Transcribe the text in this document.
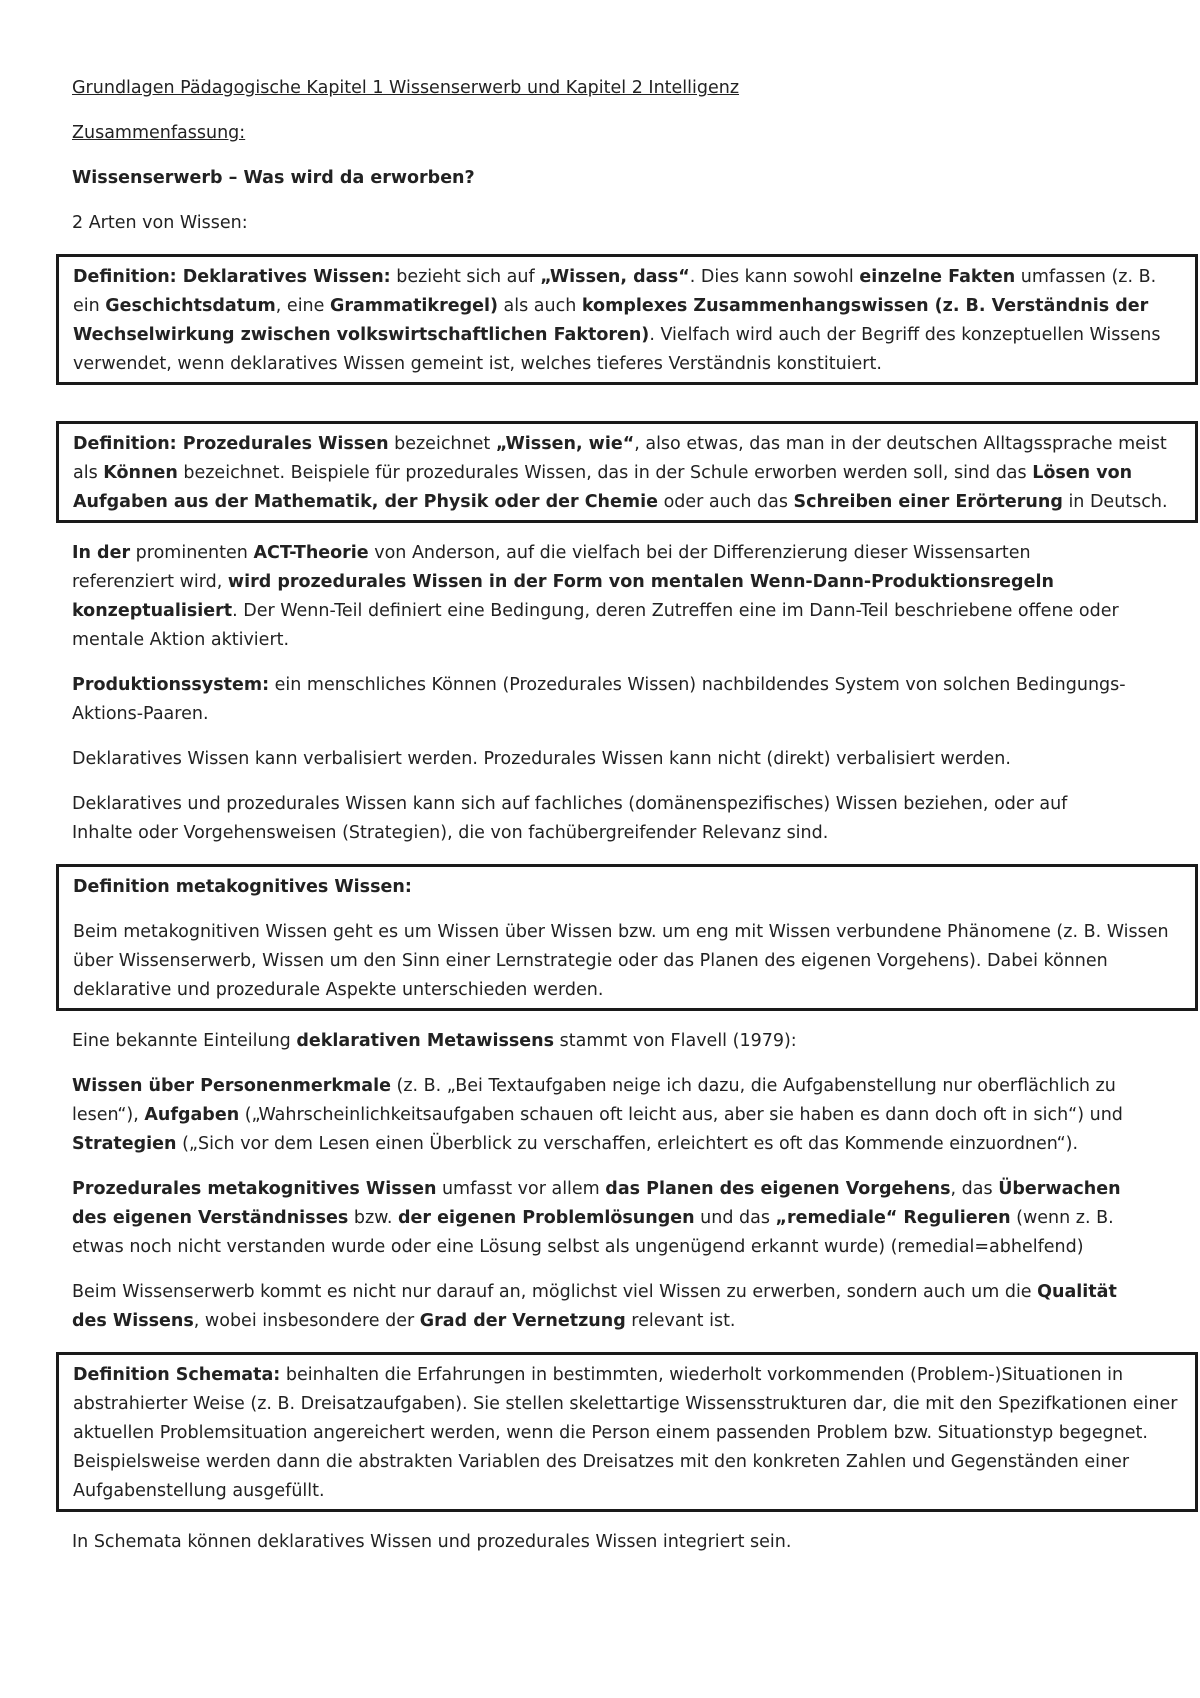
Grundlagen Pädagogische Kapitel 1 Wissenserwerb und Kapitel 2 Intelligenz

Zusammenfassung:

Wissenserwerb – Was wird da erworben?

2 Arten von Wissen:

Definition: Deklaratives Wissen: bezieht sich auf „Wissen, dass“. Dies kann sowohl einzelne Fakten umfassen (z. B. ein Geschichtsdatum, eine Grammatikregel) als auch komplexes Zusammenhangswissen (z. B. Verständnis der Wechselwirkung zwischen volkswirtschaftlichen Faktoren). Vielfach wird auch der Begriff des konzeptuellen Wissens verwendet, wenn deklaratives Wissen gemeint ist, welches tieferes Verständnis konstituiert.

Definition: Prozedurales Wissen bezeichnet „Wissen, wie“, also etwas, das man in der deutschen Alltagssprache meist als Können bezeichnet. Beispiele für prozedurales Wissen, das in der Schule erworben werden soll, sind das Lösen von Aufgaben aus der Mathematik, der Physik oder der Chemie oder auch das Schreiben einer Erörterung in Deutsch.

In der prominenten ACT-Theorie von Anderson, auf die vielfach bei der Differenzierung dieser Wissensarten referenziert wird, wird prozedurales Wissen in der Form von mentalen Wenn-Dann-Produktionsregeln konzeptualisiert. Der Wenn-Teil definiert eine Bedingung, deren Zutreffen eine im Dann-Teil beschriebene offene oder mentale Aktion aktiviert.

Produktionssystem: ein menschliches Können (Prozedurales Wissen) nachbildendes System von solchen Bedingungs-Aktions-Paaren.

Deklaratives Wissen kann verbalisiert werden. Prozedurales Wissen kann nicht (direkt) verbalisiert werden.

Deklaratives und prozedurales Wissen kann sich auf fachliches (domänenspezifisches) Wissen beziehen, oder auf Inhalte oder Vorgehensweisen (Strategien), die von fachübergreifender Relevanz sind.

Definition metakognitives Wissen:

Beim metakognitiven Wissen geht es um Wissen über Wissen bzw. um eng mit Wissen verbundene Phänomene (z. B. Wissen über Wissenserwerb, Wissen um den Sinn einer Lernstrategie oder das Planen des eigenen Vorgehens). Dabei können deklarative und prozedurale Aspekte unterschieden werden.

Eine bekannte Einteilung deklarativen Metawissens stammt von Flavell (1979):

Wissen über Personenmerkmale (z. B. „Bei Textaufgaben neige ich dazu, die Aufgabenstellung nur oberflächlich zu lesen“), Aufgaben („Wahrscheinlichkeitsaufgaben schauen oft leicht aus, aber sie haben es dann doch oft in sich“) und Strategien („Sich vor dem Lesen einen Überblick zu verschaffen, erleichtert es oft das Kommende einzuordnen“).

Prozedurales metakognitives Wissen umfasst vor allem das Planen des eigenen Vorgehens, das Überwachen des eigenen Verständnisses bzw. der eigenen Problemlösungen und das „remediale“ Regulieren (wenn z. B. etwas noch nicht verstanden wurde oder eine Lösung selbst als ungenügend erkannt wurde) (remedial=abhelfend)

Beim Wissenserwerb kommt es nicht nur darauf an, möglichst viel Wissen zu erwerben, sondern auch um die Qualität des Wissens, wobei insbesondere der Grad der Vernetzung relevant ist.

Definition Schemata: beinhalten die Erfahrungen in bestimmten, wiederholt vorkommenden (Problem-)Situationen in abstrahierter Weise (z. B. Dreisatzaufgaben). Sie stellen skelettartige Wissensstrukturen dar, die mit den Spezifkationen einer aktuellen Problemsituation angereichert werden, wenn die Person einem passenden Problem bzw. Situationstyp begegnet. Beispielsweise werden dann die abstrakten Variablen des Dreisatzes mit den konkreten Zahlen und Gegenständen einer Aufgabenstellung ausgefüllt.

In Schemata können deklaratives Wissen und prozedurales Wissen integriert sein.
